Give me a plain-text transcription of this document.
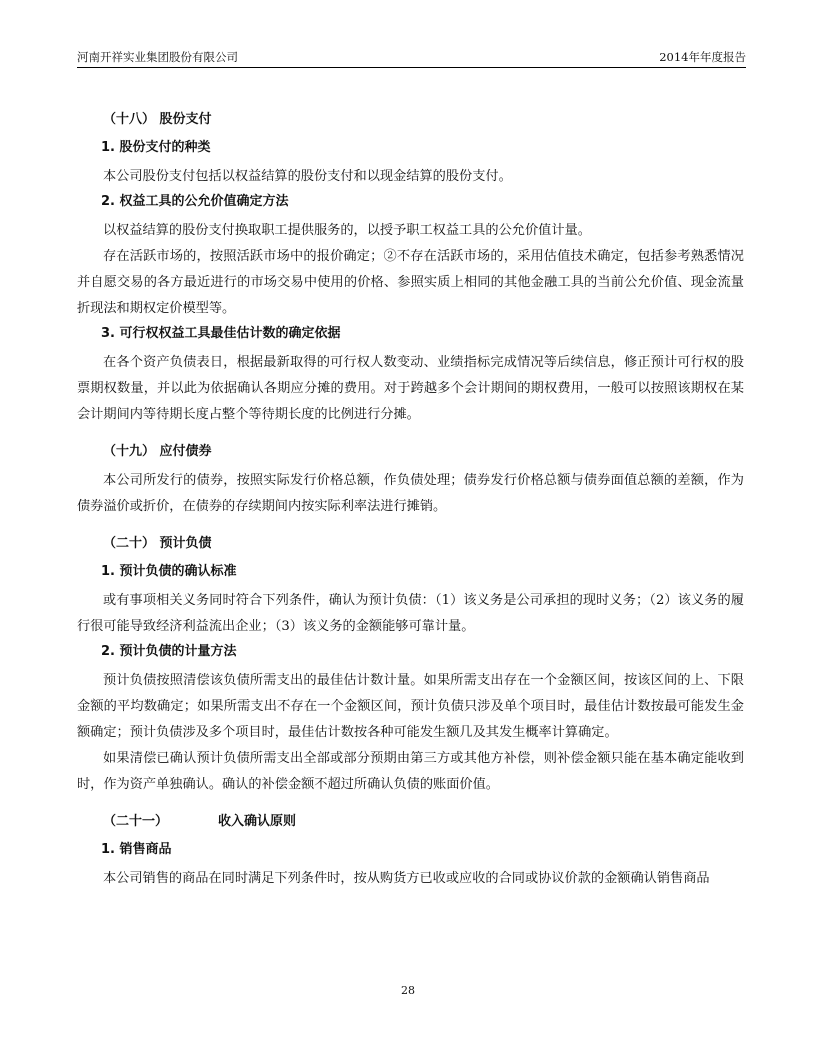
河南开祥实业集团股份有限公司	2014年年度报告
（十八） 股份支付
1. 股份支付的种类

本公司股份支付包括以权益结算的股份支付和以现金结算的股份支付。

2. 权益工具的公允价值确定方法

以权益结算的股份支付换取职工提供服务的，以授予职工权益工具的公允价值计量。

存在活跃市场的，按照活跃市场中的报价确定；②不存在活跃市场的，采用估值技术确定，包括参考熟悉情况并自愿交易的各方最近进行的市场交易中使用的价格、参照实质上相同的其他金融工具的当前公允价值、现金流量折现法和期权定价模型等。

3. 可行权权益工具最佳估计数的确定依据

在各个资产负债表日，根据最新取得的可行权人数变动、业绩指标完成情况等后续信息，修正预计可行权的股票期权数量，并以此为依据确认各期应分摊的费用。对于跨越多个会计期间的期权费用，一般可以按照该期权在某会计期间内等待期长度占整个等待期长度的比例进行分摊。

（十九） 应付债券

本公司所发行的债券，按照实际发行价格总额，作负债处理；债券发行价格总额与债券面值总额的差额，作为债券溢价或折价，在债券的存续期间内按实际利率法进行摊销。

（二十） 预计负债
1. 预计负债的确认标准

或有事项相关义务同时符合下列条件，确认为预计负债：（1）该义务是公司承担的现时义务；（2）该义务的履行很可能导致经济利益流出企业；（3）该义务的金额能够可靠计量。

2. 预计负债的计量方法

预计负债按照清偿该负债所需支出的最佳估计数计量。如果所需支出存在一个金额区间，按该区间的上、下限金额的平均数确定；如果所需支出不存在一个金额区间，预计负债只涉及单个项目时，最佳估计数按最可能发生金额确定；预计负债涉及多个项目时，最佳估计数按各种可能发生额几及其发生概率计算确定。

如果清偿已确认预计负债所需支出全部或部分预期由第三方或其他方补偿，则补偿金额只能在基本确定能收到时，作为资产单独确认。确认的补偿金额不超过所确认负债的账面价值。

（二十一）	收入确认原则
1. 销售商品

本公司销售的商品在同时满足下列条件时，按从购货方已收或应收的合同或协议价款的金额确认销售商品

28
